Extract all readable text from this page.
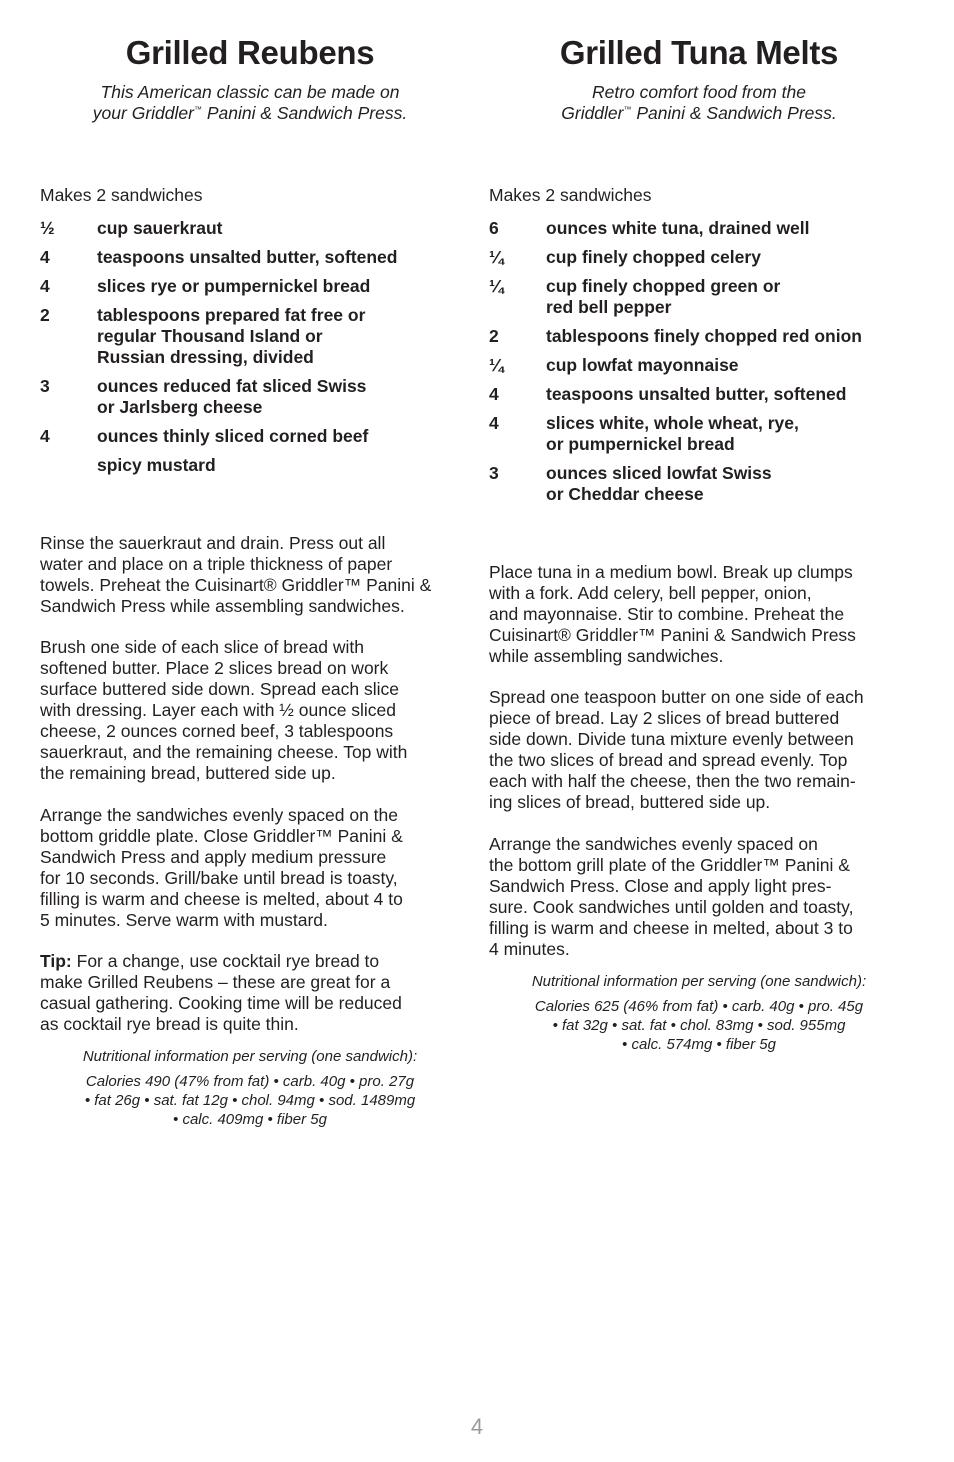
Grilled Reubens

This American classic can be made on
your Griddler™ Panini & Sandwich Press.

Makes 2 sandwiches

½	cup sauerkraut
4	teaspoons unsalted butter, softened
4	slices rye or pumpernickel bread
2	tablespoons prepared fat free or
regular Thousand Island or
Russian dressing, divided
3	ounces reduced fat sliced Swiss
or Jarlsberg cheese
4	ounces thinly sliced corned beef
spicy mustard

Rinse the sauerkraut and drain. Press out all
water and place on a triple thickness of paper
towels. Preheat the Cuisinart® Griddler™ Panini &
Sandwich Press while assembling sandwiches.

Brush one side of each slice of bread with
softened butter. Place 2 slices bread on work
surface buttered side down. Spread each slice
with dressing. Layer each with ½ ounce sliced
cheese, 2 ounces corned beef, 3 tablespoons
sauerkraut, and the remaining cheese. Top with
the remaining bread, buttered side up.

Arrange the sandwiches evenly spaced on the
bottom griddle plate. Close Griddler™ Panini &
Sandwich Press and apply medium pressure
for 10 seconds. Grill/bake until bread is toasty,
filling is warm and cheese is melted, about 4 to
5 minutes. Serve warm with mustard.

Tip: For a change, use cocktail rye bread to
make Grilled Reubens – these are great for a
casual gathering. Cooking time will be reduced
as cocktail rye bread is quite thin.

Nutritional information per serving (one sandwich):
Calories 490 (47% from fat) • carb. 40g • pro. 27g
• fat 26g • sat. fat 12g • chol. 94mg • sod. 1489mg
• calc. 409mg • fiber 5g
Grilled Tuna Melts

Retro comfort food from the
Griddler™ Panini & Sandwich Press.

Makes 2 sandwiches

6	ounces white tuna, drained well
¼	cup finely chopped celery
¼	cup finely chopped green or
red bell pepper
2	tablespoons finely chopped red onion
¼	cup lowfat mayonnaise
4	teaspoons unsalted butter, softened
4	slices white, whole wheat, rye,
or pumpernickel bread
3	ounces sliced lowfat Swiss
or Cheddar cheese

Place tuna in a medium bowl. Break up clumps
with a fork. Add celery, bell pepper, onion,
and mayonnaise. Stir to combine. Preheat the
Cuisinart® Griddler™ Panini & Sandwich Press
while assembling sandwiches.

Spread one teaspoon butter on one side of each
piece of bread. Lay 2 slices of bread buttered
side down. Divide tuna mixture evenly between
the two slices of bread and spread evenly. Top
each with half the cheese, then the two remain-
ing slices of bread, buttered side up.

Arrange the sandwiches evenly spaced on
the bottom grill plate of the Griddler™ Panini &
Sandwich Press. Close and apply light pres-
sure. Cook sandwiches until golden and toasty,
filling is warm and cheese in melted, about 3 to
4 minutes.

Nutritional information per serving (one sandwich):
Calories 625 (46% from fat) • carb. 40g • pro. 45g
• fat 32g • sat. fat • chol. 83mg • sod. 955mg
• calc. 574mg • fiber 5g
4
